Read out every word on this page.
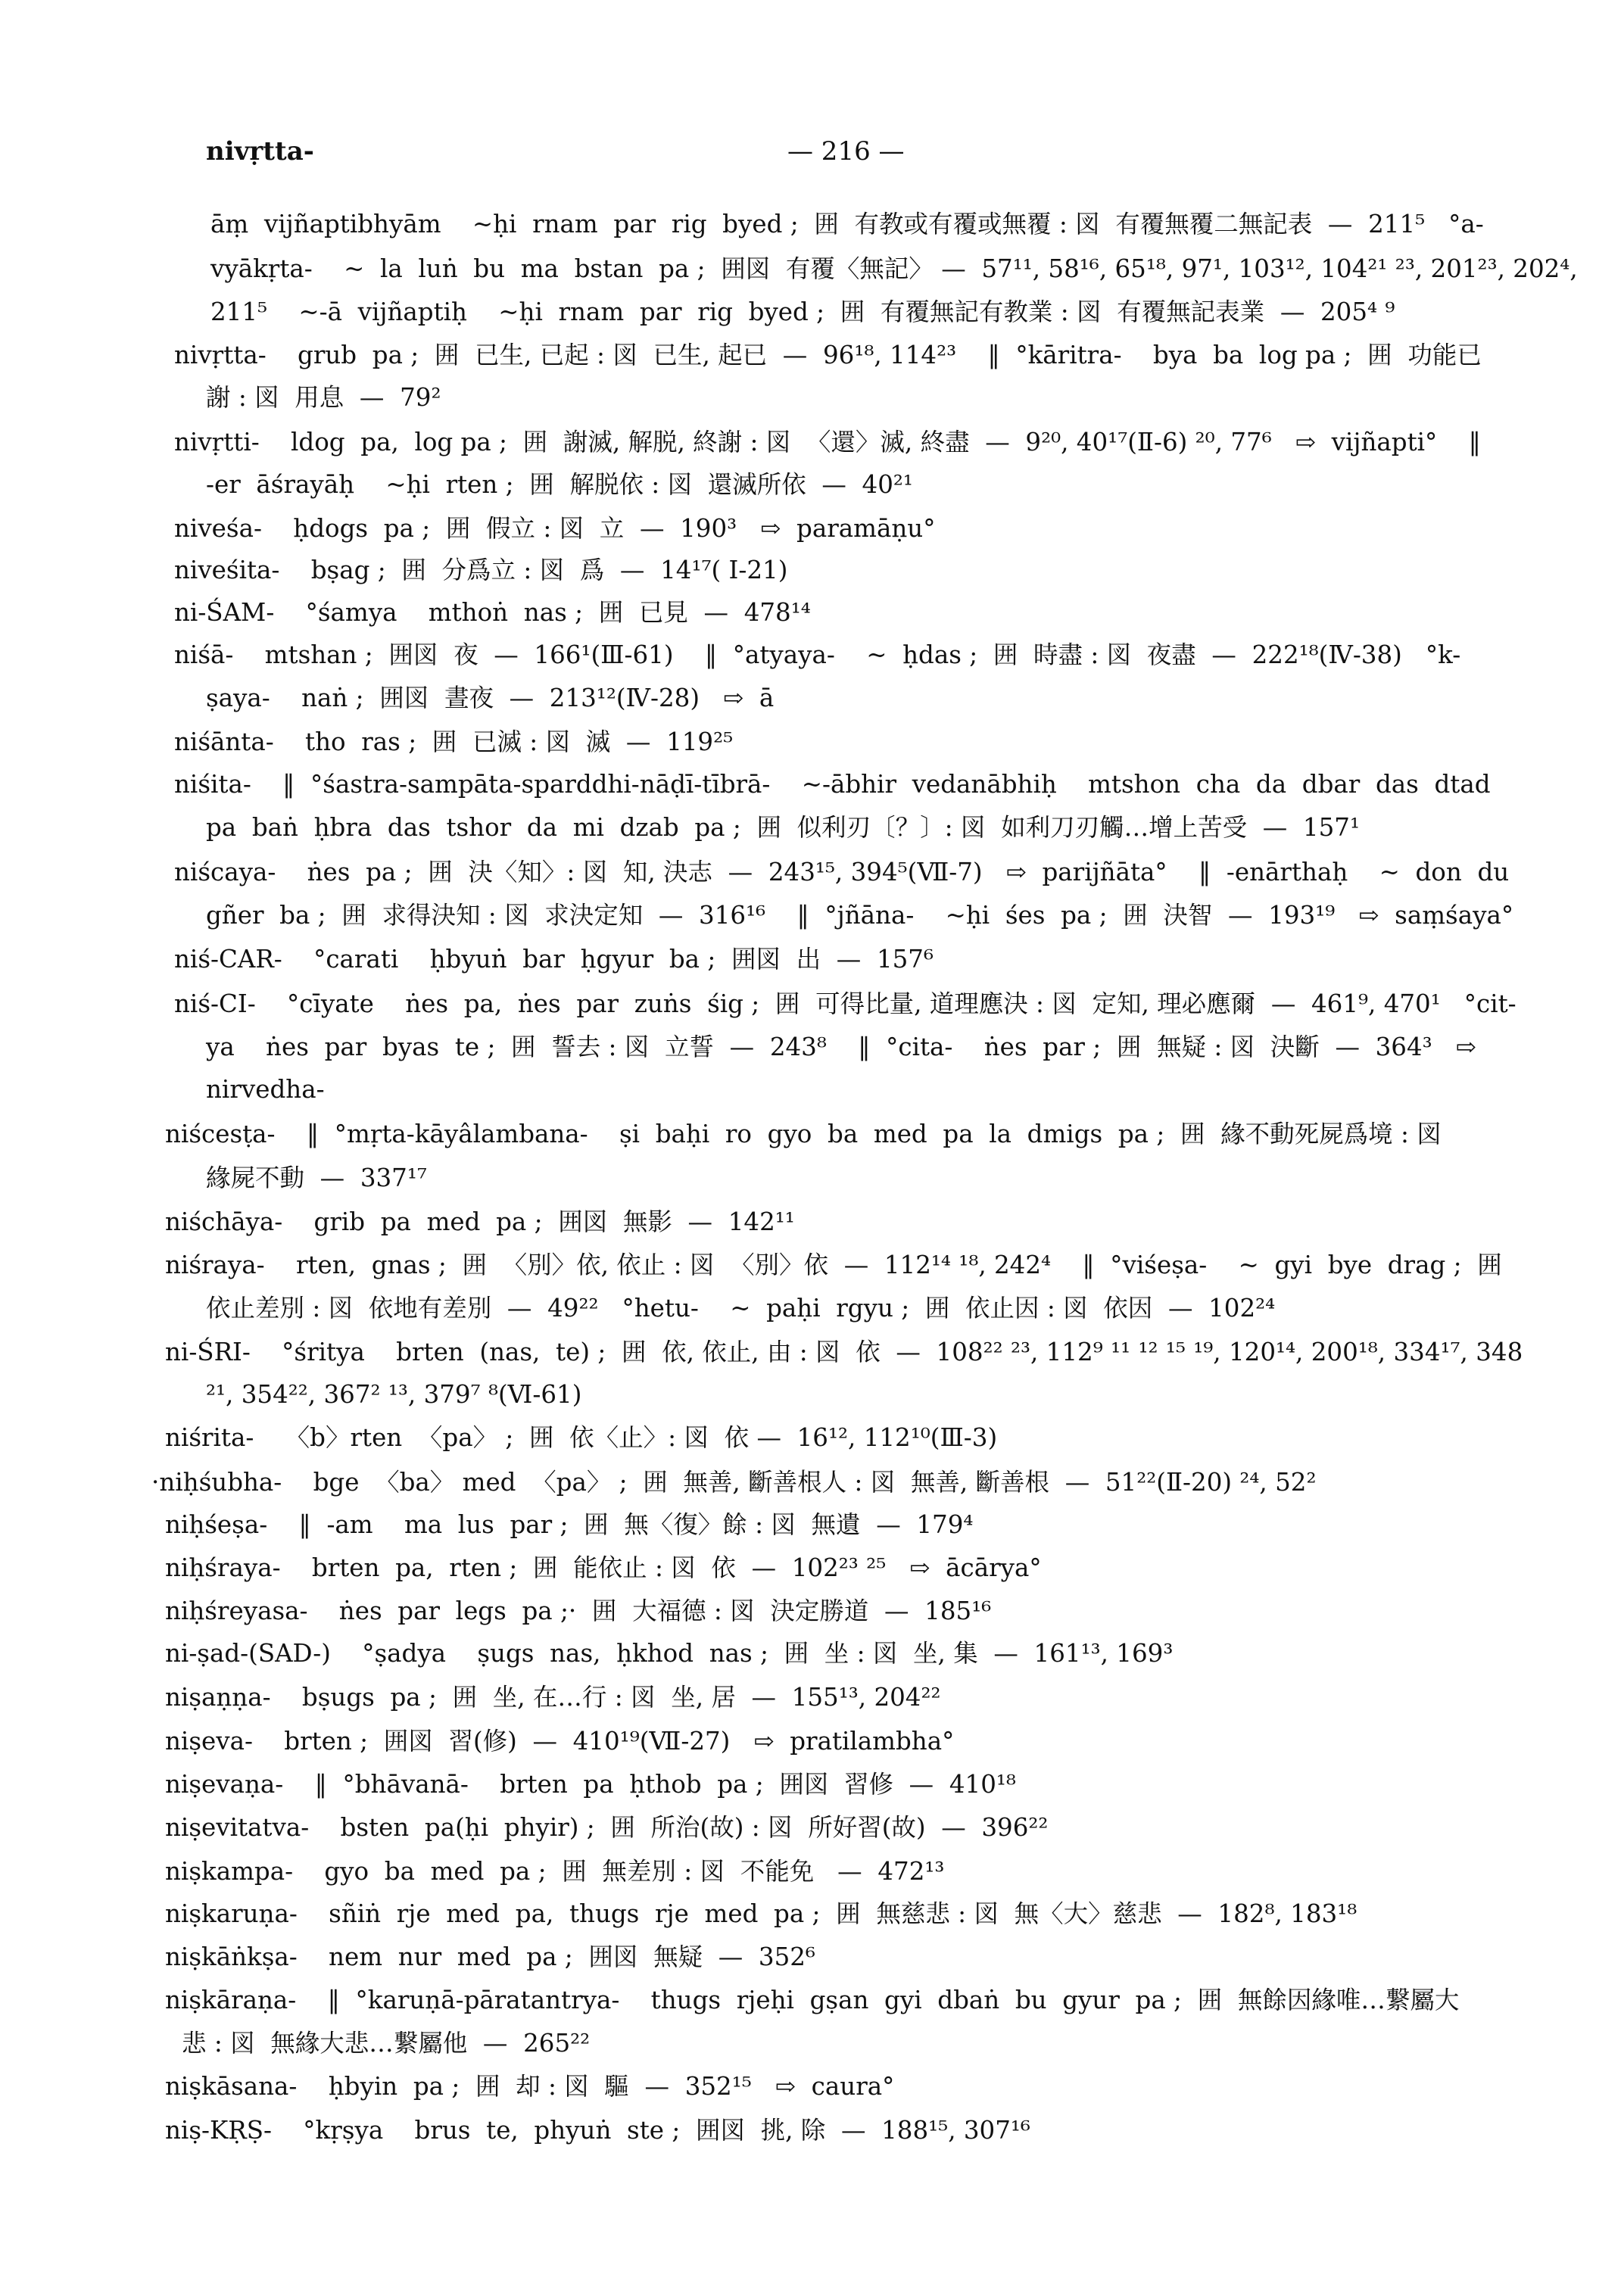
nivṛtta-	— 216 —
āṃ  vijñaptibhyām    ~ḥi  rnam  par  rig  byed ;  囲  有教或有覆或無覆 : 図  有覆無覆二無記表  —  211⁵   °a-
vyākṛta-    ~  la  luṅ  bu  ma  bstan  pa ;  囲図  有覆〈無記〉 —  57¹¹, 58¹⁶, 65¹⁸, 97¹, 103¹², 104²¹ ²³, 201²³, 202⁴,
211⁵    ~-ā  vijñaptiḥ    ~ḥi  rnam  par  rig  byed ;  囲  有覆無記有教業 : 図  有覆無記表業  —  205⁴ ⁹
nivṛtta-    grub  pa ;  囲  已生, 已起 : 図  已生, 起已  —  96¹⁸, 114²³    ‖  °kāritra-    bya  ba  log pa ;  囲  功能已
謝 : 図  用息  —  79²
nivṛtti-    ldog  pa,  log pa ;  囲  謝滅, 解脱, 終謝 : 図  〈還〉滅, 終盡  —  9²⁰, 40¹⁷(Ⅱ-6) ²⁰, 77⁶   ⇨  vijñapti°    ‖
-er  āśrayāḥ    ~ḥi  rten ;  囲  解脱依 : 図  還滅所依  —  40²¹
niveśa-    ḥdogs  pa ;  囲  假立 : 図  立  —  190³   ⇨  paramāṇu°
niveśita-    bṣag ;  囲  分爲立 : 図  爲  —  14¹⁷( Ⅰ-21)
ni-ŚAM-    °śamya    mthoṅ  nas ;  囲  已見  —  478¹⁴
niśā-    mtshan ;  囲図  夜  —  166¹(Ⅲ-61)    ‖  °atyaya-    ~  ḥdas ;  囲  時盡 : 図  夜盡  —  222¹⁸(Ⅳ-38)   °k-
ṣaya-    naṅ ;  囲図  晝夜  —  213¹²(Ⅳ-28)   ⇨  ā
niśānta-    tho  ras ;  囲  已滅 : 図  滅  —  119²⁵
niśita-    ‖  °śastra-sampāta-sparddhi-nāḍī-tībrā-    ~-ābhir  vedanābhiḥ    mtshon  cha  da  dbar  das  dtad
pa  baṅ  ḥbra  das  tshor  da  mi  dzab  pa ;  囲  似利刃〔？〕: 図  如利刀刃觸…增上苦受  —  157¹
niścaya-    ṅes  pa ;  囲  決〈知〉: 図  知, 決志  —  243¹⁵, 394⁵(Ⅶ-7)   ⇨  parijñāta°    ‖  -enārthaḥ    ~  don  du
gñer  ba ;  囲  求得決知 : 図  求決定知  —  316¹⁶    ‖  °jñāna-    ~ḥi  śes  pa ;  囲  決智  —  193¹⁹   ⇨  saṃśaya°
niś-CAR-    °carati    ḥbyuṅ  bar  ḥgyur  ba ;  囲図  出  —  157⁶
niś-CI-    °cīyate    ṅes  pa,  ṅes  par  zuṅs  śig ;  囲  可得比量, 道理應決 : 図  定知, 理必應爾  —  461⁹, 470¹   °cit-
ya    ṅes  par  byas  te ;  囲  誓去 : 図  立誓  —  243⁸    ‖  °cita-    ṅes  par ;  囲  無疑 : 図  決斷  —  364³   ⇨
nirvedha-
niścesṭa-    ‖  °mṛta-kāyâlambana-    ṣi  baḥi  ro  gyo  ba  med  pa  la  dmigs  pa ;  囲  緣不動死屍爲境 : 図
緣屍不動  —  337¹⁷
niśchāya-    grib  pa  med  pa ;  囲図  無影  —  142¹¹
niśraya-    rten,  gnas ;  囲  〈別〉依, 依止 : 図  〈別〉依  —  112¹⁴ ¹⁸, 242⁴    ‖  °viśeṣa-    ~  gyi  bye  drag ;  囲
依止差別 : 図  依地有差別  —  49²²   °hetu-    ~  paḥi  rgyu ;  囲  依止因 : 図  依因  —  102²⁴
ni-ŚRI-    °śritya    brten  (nas,  te) ;  囲  依, 依止, 由 : 図  依  —  108²² ²³, 112⁹ ¹¹ ¹² ¹⁵ ¹⁹, 120¹⁴, 200¹⁸, 334¹⁷, 348
²¹, 354²², 367² ¹³, 379⁷ ⁸(Ⅵ-61)
niśrita-    〈b〉rten  〈pa〉 ;  囲  依〈止〉: 図  依 —  16¹², 112¹⁰(Ⅲ-3)
·niḥśubha-    bge  〈ba〉 med  〈pa〉 ;  囲  無善, 斷善根人 : 図  無善, 斷善根  —  51²²(Ⅱ-20) ²⁴, 52²
niḥśeṣa-    ‖  -am    ma  lus  par ;  囲  無〈復〉餘 : 図  無遺  —  179⁴
niḥśraya-    brten  pa,  rten ;  囲  能依止 : 図  依  —  102²³ ²⁵   ⇨  ācārya°
niḥśreyasa-    ṅes  par  legs  pa ;·  囲  大福德 : 図  決定勝道  —  185¹⁶
ni-ṣad-(SAD-)    °ṣadya    ṣugs  nas,  ḥkhod  nas ;  囲  坐 : 図  坐, 集  —  161¹³, 169³
niṣaṇṇa-    bṣugs  pa ;  囲  坐, 在…行 : 図  坐, 居  —  155¹³, 204²²
niṣeva-    brten ;  囲図  習(修)  —  410¹⁹(Ⅶ-27)   ⇨  pratilambha°
niṣevaṇa-    ‖  °bhāvanā-    brten  pa  ḥthob  pa ;  囲図  習修  —  410¹⁸
niṣevitatva-    bsten  pa(ḥi  phyir) ;  囲  所治(故) : 図  所好習(故)  —  396²²
niṣkampa-    gyo  ba  med  pa ;  囲  無差別 : 図  不能免   —  472¹³
niṣkaruṇa-    sñiṅ  rje  med  pa,  thugs  rje  med  pa ;  囲  無慈悲 : 図  無〈大〉慈悲  —  182⁸, 183¹⁸
niṣkāṅkṣa-    nem  nur  med  pa ;  囲図  無疑  —  352⁶
niṣkāraṇa-    ‖  °karuṇā-pāratantrya-    thugs  rjeḥi  gṣan  gyi  dbaṅ  bu  gyur  pa ;  囲  無餘因緣唯…繋屬大
悲 : 図  無緣大悲…繋屬他  —  265²²
niṣkāsana-    ḥbyin  pa ;  囲  却 : 図  驅  —  352¹⁵   ⇨  caura°
niṣ-KṚṢ-    °kṛṣya    brus  te,  phyuṅ  ste ;  囲図  挑, 除  —  188¹⁵, 307¹⁶
